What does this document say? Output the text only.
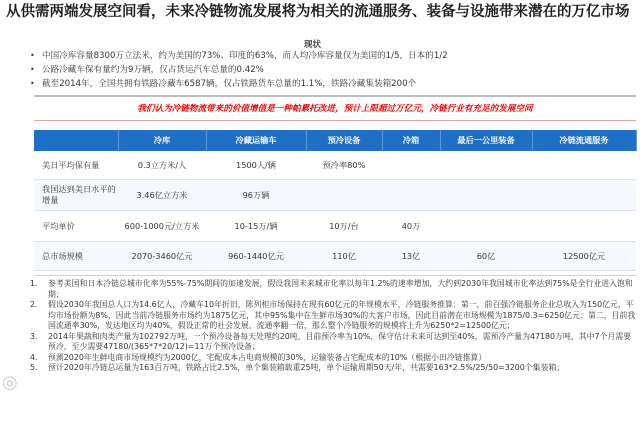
从供需两端发展空间看，未来冷链物流发展将为相关的流通服务、装备与设施带来潜在的万亿市场
现状
• 中国冷库容量8300万立法米，约为美国的73%、印度的63%，而人均冷库容量仅为美国的1/5，日本的1/2
• 公路冷藏车保有量约为9万辆，仅占货运汽车总量的0.42%
• 截至2014年，全国共拥有铁路冷藏车6587辆，仅占铁路货车总量的1.1%，铁路冷藏集装箱200个
我们认为冷链物流带来的价值增值是一种帕累托改进，预计上限超过万亿元，冷链行业有充足的发展空间
	冷库	冷藏运输车	预冷设备	冷箱	最后一公里装备	冷链流通服务
美日平均保有量	0.3立方米/人	1500人/辆	预冷率80%			
我国达到美日水平的增量	3.46亿立方米	96万辆				
平均单价	600-1000元/立方米	10-15万/辆	10万/台	40万		
总市场规模	2070-3460亿元	960-1440亿元	110亿	13亿	60亿	12500亿元
1. 参考美国和日本冷链总城市化率为55%-75%期间的加速发展，假设我国未来城市化率以每年1.2%的速率增加，大约到2030年我国城市化率达到75%是全行业进入饱和期；
2. 假设2030年我国总人口为14.6亿人，冷藏车10年折旧，陈列柜市场保持在现有60亿元的年规模水平，冷链服务推算：第一，前百强冷链服务企业总收入为150亿元，平均市场份额为8%，因此当前冷链服务市场约为1875亿元，其中95%集中在生鲜市场30%的大客户市场，因此目前潜在市场规模为1875/0.3=6250亿元；第二，目前我国流通率30%，发达地区均为40%，假设正常的社会发展，流通率翻一倍，那么整个冷链服务的规模将上升为6250*2=12500亿元；
3. 2014年果蔬和肉类产量为102792万吨，一个预冷设备每天处理约20吨，目前预冷率为10%，保守估计未来可达到至40%，需预冷产量为47180万吨，其中7个月需要预冷，至少需要47180/(365*7*20/12)=11万个预冷设备；
4. 预测2020年生鲜电商市场规模约为2000亿，宅配成本占电商规模的30%，运输装备占宅配成本的10%（根据小田冷链推算）
5. 预计2020年冷链总运量为163百万吨，铁路占比2.5%，单个集装箱载重25吨，单个运输周期50天/年，共需要163*2.5%/25/50=3200个集装箱；
◎
